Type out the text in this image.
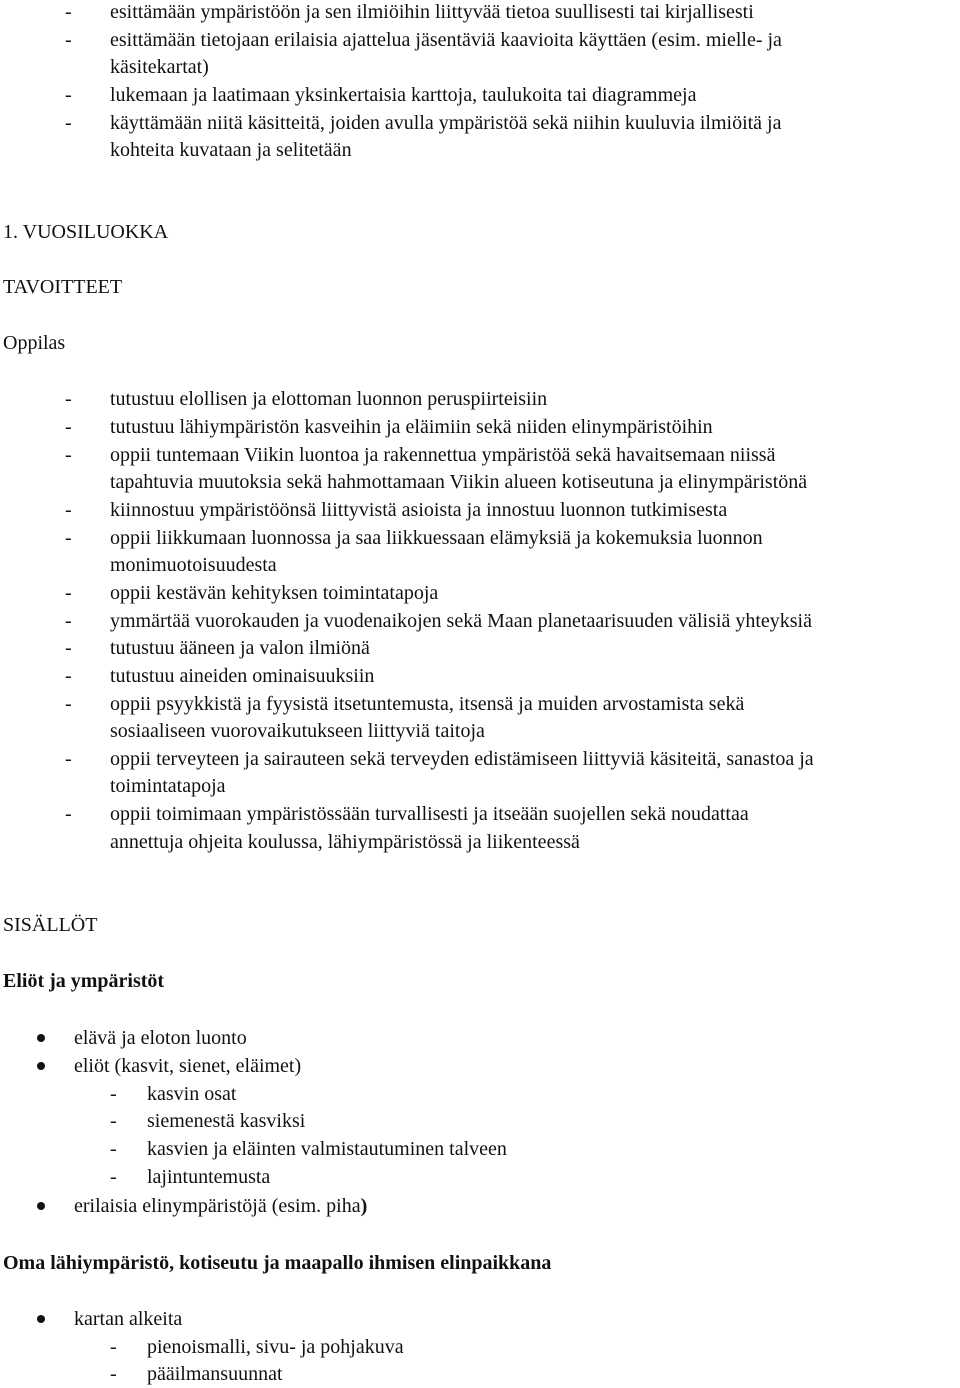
- esittämään ympäristöön ja sen ilmiöihin liittyvää tietoa suullisesti tai kirjallisesti
- esittämään tietojaan erilaisia ajattelua jäsentäviä kaavioita käyttäen (esim. mielle- ja
käsitekartat)
- lukemaan ja laatimaan yksinkertaisia karttoja, taulukoita tai diagrammeja
- käyttämään niitä käsitteitä, joiden avulla ympäristöä sekä niihin kuuluvia ilmiöitä ja
kohteita kuvataan ja selitetään
1. VUOSILUOKKA
TAVOITTEET
Oppilas
- tutustuu elollisen ja elottoman luonnon peruspiirteisiin
- tutustuu lähiympäristön kasveihin ja eläimiin sekä niiden elinympäristöihin
- oppii tuntemaan Viikin luontoa ja rakennettua ympäristöä sekä havaitsemaan niissä
tapahtuvia muutoksia sekä hahmottamaan Viikin alueen kotiseutuna ja elinympäristönä
- kiinnostuu ympäristöönsä liittyvistä asioista ja innostuu luonnon tutkimisesta
- oppii liikkumaan luonnossa ja saa liikkuessaan elämyksiä ja kokemuksia luonnon
monimuotoisuudesta
- oppii kestävän kehityksen toimintatapoja
- ymmärtää vuorokauden ja vuodenaikojen sekä Maan planetaarisuuden välisiä yhteyksiä
- tutustuu ääneen ja valon ilmiönä
- tutustuu aineiden ominaisuuksiin
- oppii psyykkistä ja fyysistä itsetuntemusta, itsensä ja muiden arvostamista sekä
sosiaaliseen vuorovaikutukseen liittyviä taitoja
- oppii terveyteen ja sairauteen sekä terveyden edistämiseen liittyviä käsiteitä, sanastoa ja
toimintatapoja
- oppii toimimaan ympäristössään turvallisesti ja itseään suojellen sekä noudattaa
annettuja ohjeita koulussa, lähiympäristössä ja liikenteessä
SISÄLLÖT
Eliöt ja ympäristöt
elävä ja eloton luonto
eliöt (kasvit, sienet, eläimet)
- kasvin osat
- siemenestä kasviksi
- kasvien ja eläinten valmistautuminen talveen
- lajintuntemusta
erilaisia elinympäristöjä (esim. piha)
Oma lähiympäristö, kotiseutu ja maapallo ihmisen elinpaikkana
kartan alkeita
- pienoismalli, sivu- ja pohjakuva
- pääilmansuunnat
